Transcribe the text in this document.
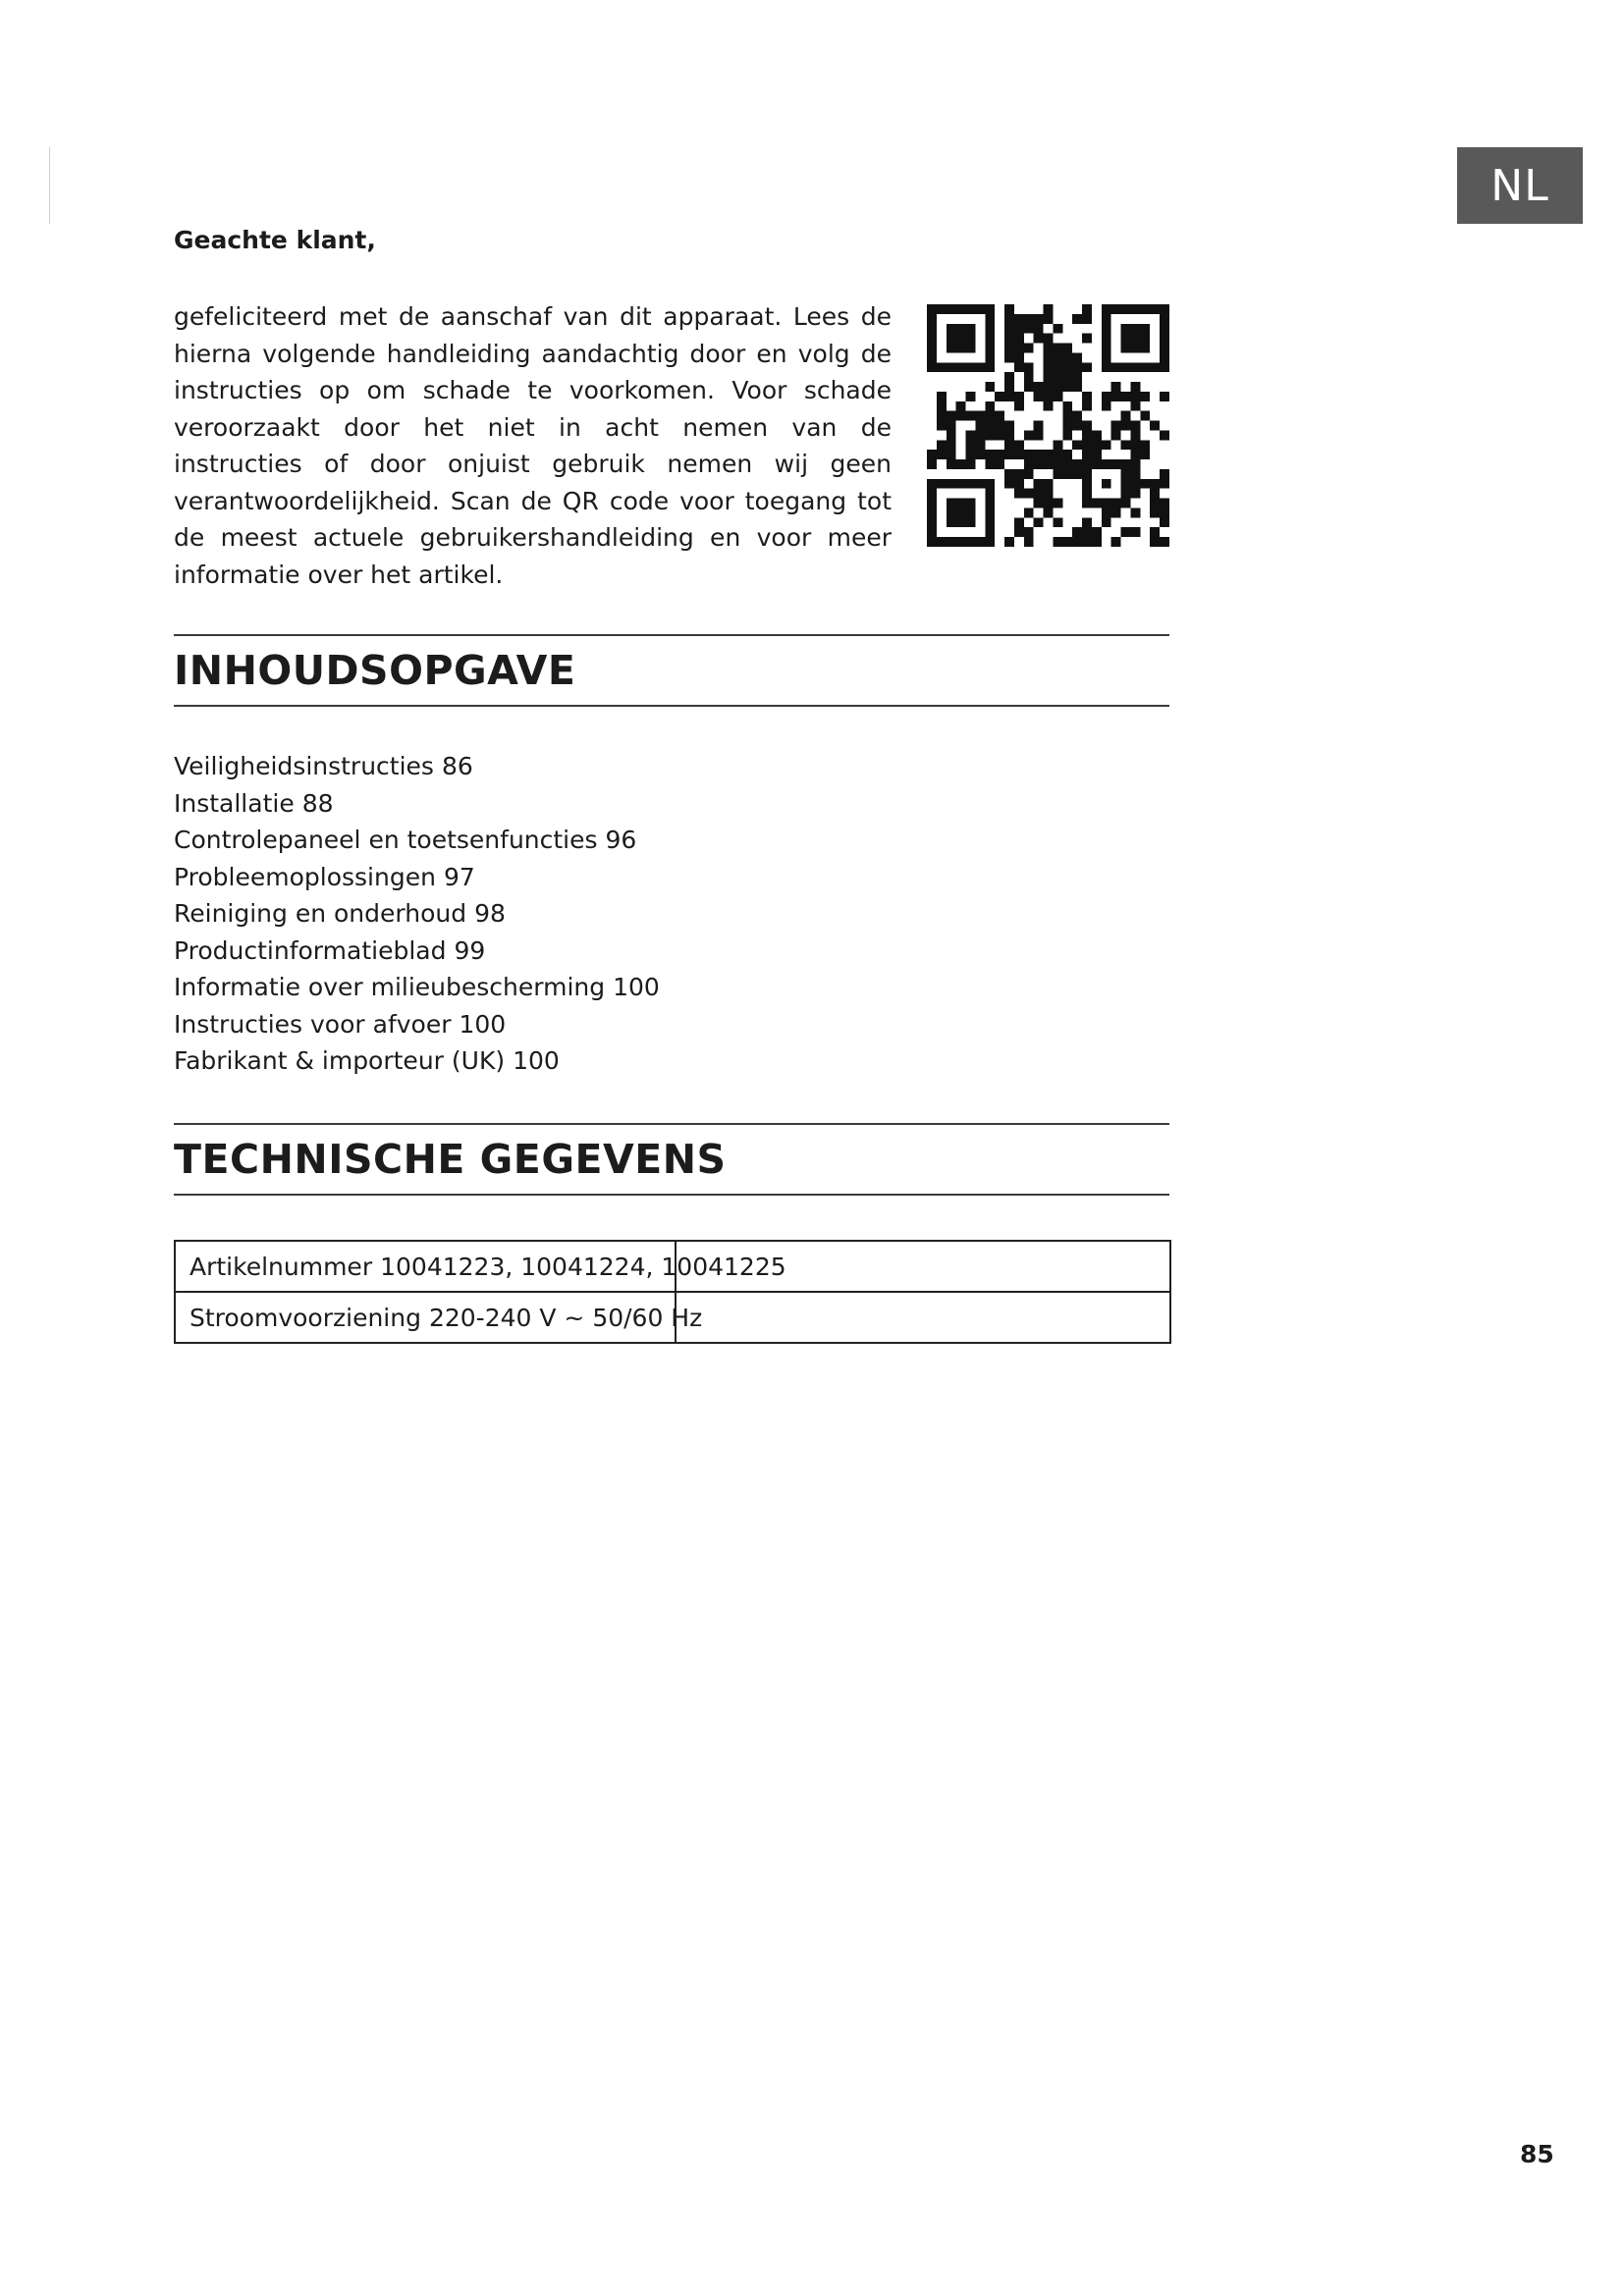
NL
Geachte klant,

gefeliciteerd met de aanschaf van dit apparaat. Lees de hierna volgende handleiding aandachtig door en volg de instructies op om schade te voorkomen. Voor schade veroorzaakt door het niet in acht nemen van de instructies of door onjuist gebruik nemen wij geen verantwoordelijkheid. Scan de QR code voor toegang tot de meest actuele gebruikershandleiding en voor meer informatie over het artikel.

INHOUDSOPGAVE
Veiligheidsinstructies 86
Installatie 88
Controlepaneel en toetsenfuncties 96
Probleemoplossingen 97
Reiniging en onderhoud 98
Productinformatieblad 99
Informatie over milieubescherming 100
Instructies voor afvoer 100
Fabrikant & importeur (UK) 100
TECHNISCHE GEGEVENS
Artikelnummer 10041223, 10041224, 10041225	
Stroomvoorziening 220-240 V ~ 50/60 Hz	
85
